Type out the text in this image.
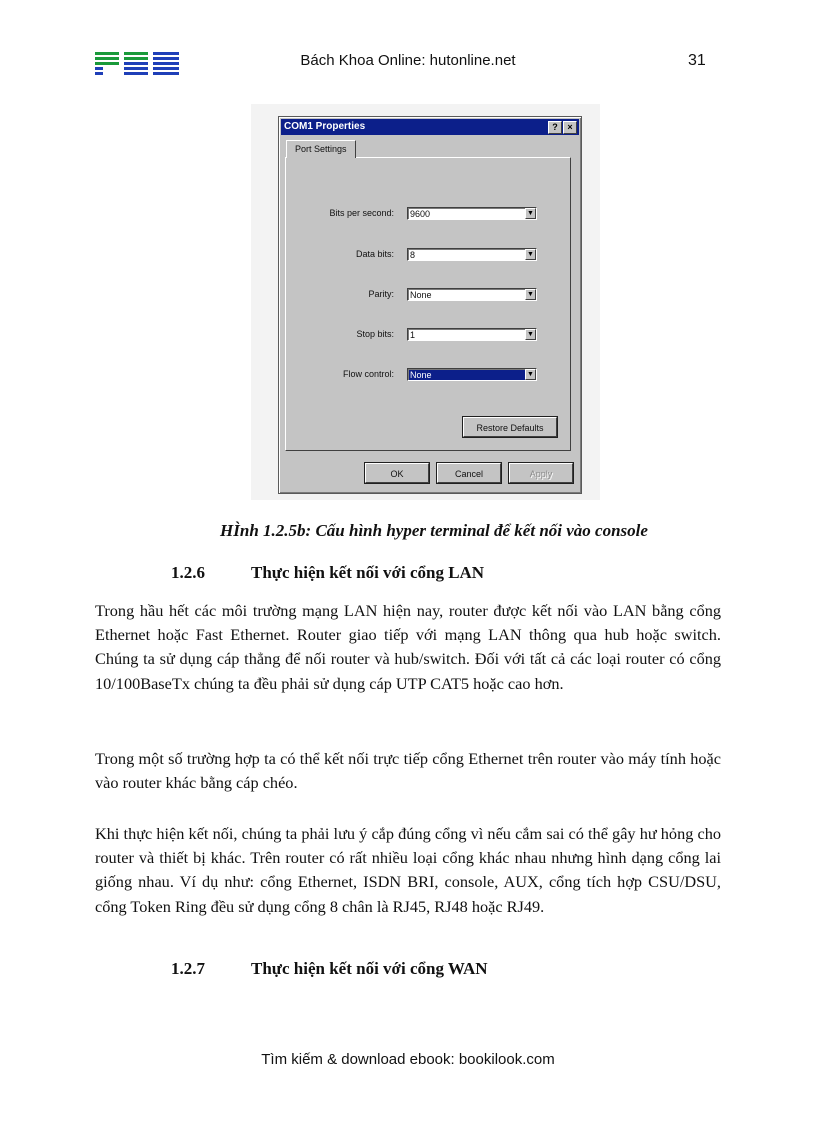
Bách Khoa Online: hutonline.net	31
COM1 Properties	?	×
Port Settings
Bits per second:	9600	▼
Data bits:	8	▼
Parity:	None	▼
Stop bits:	1	▼
Flow control:	None	▼
Restore Defaults
OK	Cancel	Apply
HÌnh 1.2.5b: Cấu hình hyper terminal để kết nối vào console
1.2.6	Thực hiện kết nối với cổng LAN

Trong hầu hết các môi trường mạng LAN hiện nay, router được kết nối vào LAN bằng cổng Ethernet hoặc Fast Ethernet. Router giao tiếp với mạng LAN thông qua hub hoặc switch. Chúng ta sử dụng cáp thẳng để nối router và hub/switch. Đối với tất cả các loại router có cổng 10/100BaseTx chúng ta đều phải sử dụng cáp UTP CAT5 hoặc cao hơn.

Trong một số trường hợp ta có thể kết nối trực tiếp cổng Ethernet trên router vào máy tính hoặc vào router khác bằng cáp chéo.

Khi thực hiện kết nối, chúng ta phải lưu ý cắp đúng cổng vì nếu cắm sai có thể gây hư hỏng cho router và thiết bị khác. Trên router có rất nhiều loại cổng khác nhau nhưng hình dạng cổng lai giống nhau. Ví dụ như: cổng Ethernet, ISDN BRI, console, AUX, cổng tích hợp CSU/DSU, cổng Token Ring đều sử dụng cổng 8 chân là RJ45, RJ48 hoặc RJ49.

1.2.7	Thực hiện kết nối với cổng WAN
Tìm kiếm & download ebook: bookilook.com
